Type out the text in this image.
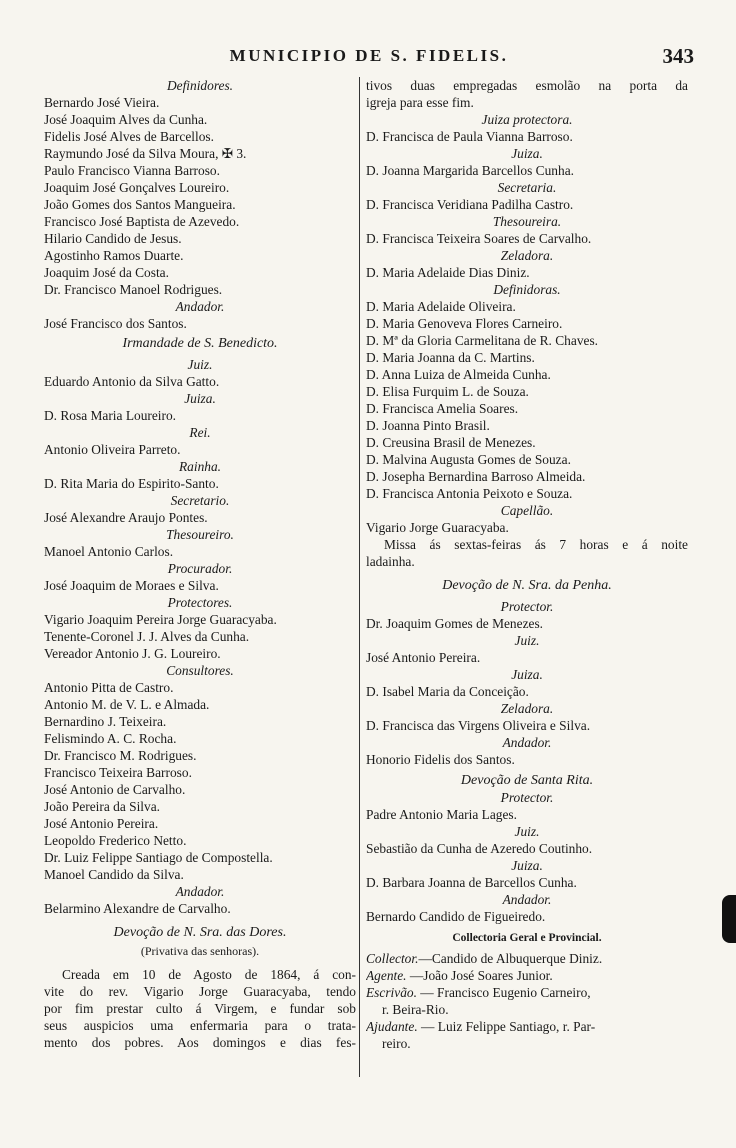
MUNICIPIO DE S. FIDELIS.	343
Definidores.
Bernardo José Vieira.
José Joaquim Alves da Cunha.
Fidelis José Alves de Barcellos.
Raymundo José da Silva Moura, ✠ 3.
Paulo Francisco Vianna Barroso.
Joaquim José Gonçalves Loureiro.
João Gomes dos Santos Mangueira.
Francisco José Baptista de Azevedo.
Hilario Candido de Jesus.
Agostinho Ramos Duarte.
Joaquim José da Costa.
Dr. Francisco Manoel Rodrigues.
Andador.
José Francisco dos Santos.
Irmandade de S. Benedicto.
Juiz.
Eduardo Antonio da Silva Gatto.
Juiza.
D. Rosa Maria Loureiro.
Rei.
Antonio Oliveira Parreto.
Rainha.
D. Rita Maria do Espirito-Santo.
Secretario.
José Alexandre Araujo Pontes.
Thesoureiro.
Manoel Antonio Carlos.
Procurador.
José Joaquim de Moraes e Silva.
Protectores.
Vigario Joaquim Pereira Jorge Guaracyaba.
Tenente-Coronel J. J. Alves da Cunha.
Vereador Antonio J. G. Loureiro.
Consultores.
Antonio Pitta de Castro.
Antonio M. de V. L. e Almada.
Bernardino J. Teixeira.
Felismindo A. C. Rocha.
Dr. Francisco M. Rodrigues.
Francisco Teixeira Barroso.
José Antonio de Carvalho.
João Pereira da Silva.
José Antonio Pereira.
Leopoldo Frederico Netto.
Dr. Luiz Felippe Santiago de Compostella.
Manoel Candido da Silva.
Andador.
Belarmino Alexandre de Carvalho.
Devoção de N. Sra. das Dores.
(Privativa das senhoras).
Creada em 10 de Agosto de 1864, á con-
vite do rev. Vigario Jorge Guaracyaba, tendo
por fim prestar culto á Virgem, e fundar sob
seus auspicios uma enfermaria para o trata-
mento dos pobres. Aos domingos e dias fes-
tivos duas empregadas esmolão na porta da
igreja para esse fim.
Juiza protectora.
D. Francisca de Paula Vianna Barroso.
Juiza.
D. Joanna Margarida Barcellos Cunha.
Secretaria.
D. Francisca Veridiana Padilha Castro.
Thesoureira.
D. Francisca Teixeira Soares de Carvalho.
Zeladora.
D. Maria Adelaide Dias Diniz.
Definidoras.
D. Maria Adelaide Oliveira.
D. Maria Genoveva Flores Carneiro.
D. Mª da Gloria Carmelitana de R. Chaves.
D. Maria Joanna da C. Martins.
D. Anna Luiza de Almeida Cunha.
D. Elisa Furquim L. de Souza.
D. Francisca Amelia Soares.
D. Joanna Pinto Brasil.
D. Creusina Brasil de Menezes.
D. Malvina Augusta Gomes de Souza.
D. Josepha Bernardina Barroso Almeida.
D. Francisca Antonia Peixoto e Souza.
Capellão.
Vigario Jorge Guaracyaba.
Missa ás sextas-feiras ás 7 horas e á noite
ladainha.
Devoção de N. Sra. da Penha.
Protector.
Dr. Joaquim Gomes de Menezes.
Juiz.
José Antonio Pereira.
Juiza.
D. Isabel Maria da Conceição.
Zeladora.
D. Francisca das Virgens Oliveira e Silva.
Andador.
Honorio Fidelis dos Santos.
Devoção de Santa Rita.
Protector.
Padre Antonio Maria Lages.
Juiz.
Sebastião da Cunha de Azeredo Coutinho.
Juiza.
D. Barbara Joanna de Barcellos Cunha.
Andador.
Bernardo Candido de Figueiredo.
Collectoria Geral e Provincial.
Collector.—Candido de Albuquerque Diniz.
Agente. —João José Soares Junior.
Escrivão. — Francisco Eugenio Carneiro,
r. Beira-Rio.
Ajudante. — Luiz Felippe Santiago, r. Par-
reiro.
